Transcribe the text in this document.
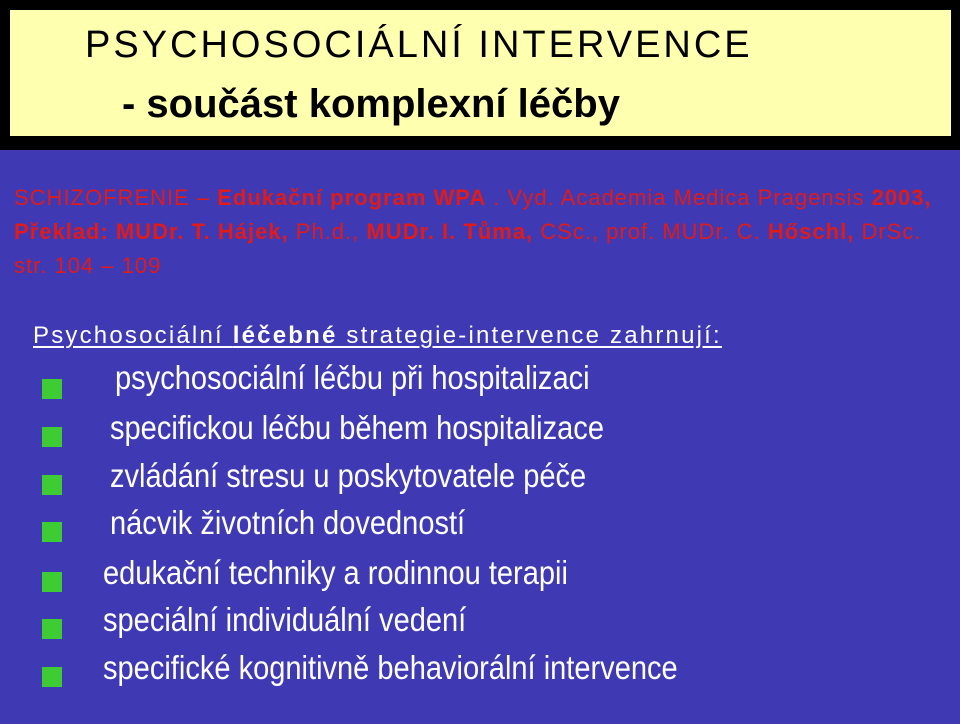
PSYCHOSOCIÁLNÍ INTERVENCE
- součást komplexní léčby
SCHIZOFRENIE – Edukační program WPA . Vyd. Academia Medica Pragensis 2003, Překlad: MUDr. T. Hájek, Ph.d., MUDr. I. Tůma, CSc., prof. MUDr. C. Hőschl, DrSc. str. 104 – 109
Psychosociální léčebné strategie-intervence zahrnují:
psychosociální léčbu při hospitalizaci
specifickou léčbu během hospitalizace
zvládání stresu u poskytovatele péče
nácvik životních dovedností
edukační techniky a rodinnou terapii
speciální individuální vedení
specifické kognitivně behaviorální intervence
